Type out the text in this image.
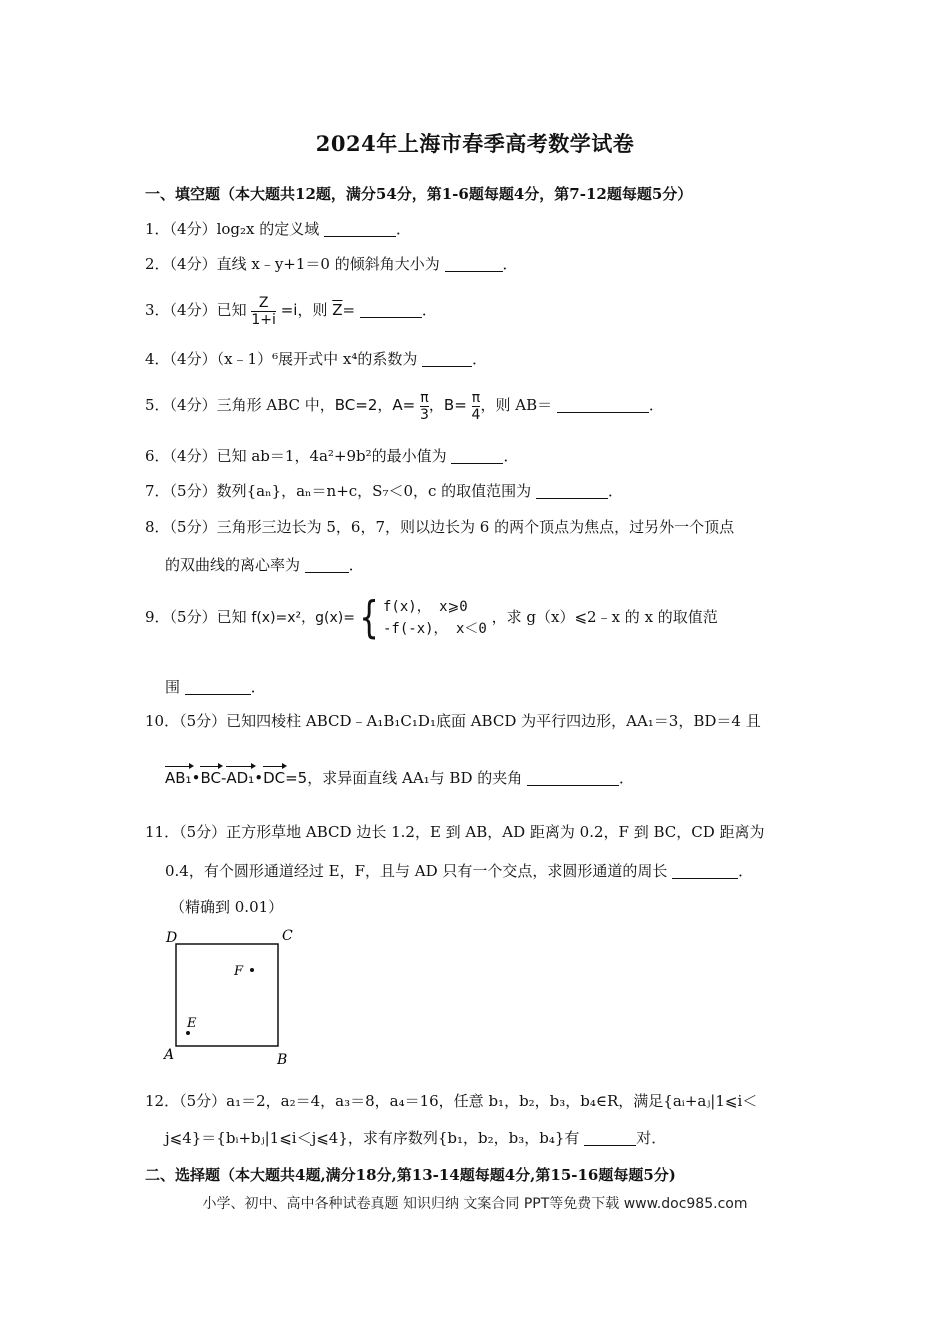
2024年上海市春季高考数学试卷
一、填空题（本大题共12题，满分54分，第1-6题每题4分，第7-12题每题5分）
1．（4分）log₂x 的定义域	．
2．（4分）直线 x﹣y+1＝0 的倾斜角大小为	．
3．（4分）已知 $\frac{Z}{1+i} =i$，则 $\overline{Z}=$	．
4．（4分）（x﹣1）⁶展开式中 x⁴的系数为	．
5．（4分）三角形 ABC 中，BC=2，$A= \frac{\pi}{3}$ ，$B= \frac{\pi}{4}$ ，则 AB＝	．
6．（4分）已知 ab＝1，4a²+9b²的最小值为	．
7．（5分）数列{aₙ}，aₙ＝n+c，S₇＜0，c 的取值范围为	．
8．（5分）三角形三边长为 5，6，7，则以边长为 6 的两个顶点为焦点，过另外一个顶点
的双曲线的离心率为	．
9．（5分）已知 f(x)=x²，g(x)={ f(x)， x⩾0
-f(-x)， x＜0
，求 g（x）⩽2﹣x 的 x 的取值范
围	．
10．（5分）已知四棱柱 ABCD﹣A₁B₁C₁D₁底面 ABCD 为平行四边形，AA₁＝3，BD＝4 且
AB₁•BC-AD₁•DC=5，求异面直线 AA₁与 BD 的夹角	．
11．（5分）正方形草地 ABCD 边长 1.2，E 到 AB，AD 距离为 0.2，F 到 BC，CD 距离为
0.4，有个圆形通道经过 E，F，且与 AD 只有一个交点，求圆形通道的周长	．
（精确到 0.01）
D	C
A	B
F
E
12．（5分）a₁＝2，a₂＝4，a₃＝8，a₄＝16，任意 b₁，b₂，b₃，b₄∈R，满足{aᵢ+aⱼ|1⩽i＜
j⩽4}＝{bᵢ+bⱼ|1⩽i＜j⩽4}，求有序数列{b₁，b₂，b₃，b₄}有	对．
二、选择题（本大题共4题,满分18分,第13-14题每题4分,第15-16题每题5分)
小学、初中、高中各种试卷真题 知识归纳 文案合同 PPT等免费下载 www.doc985.com
